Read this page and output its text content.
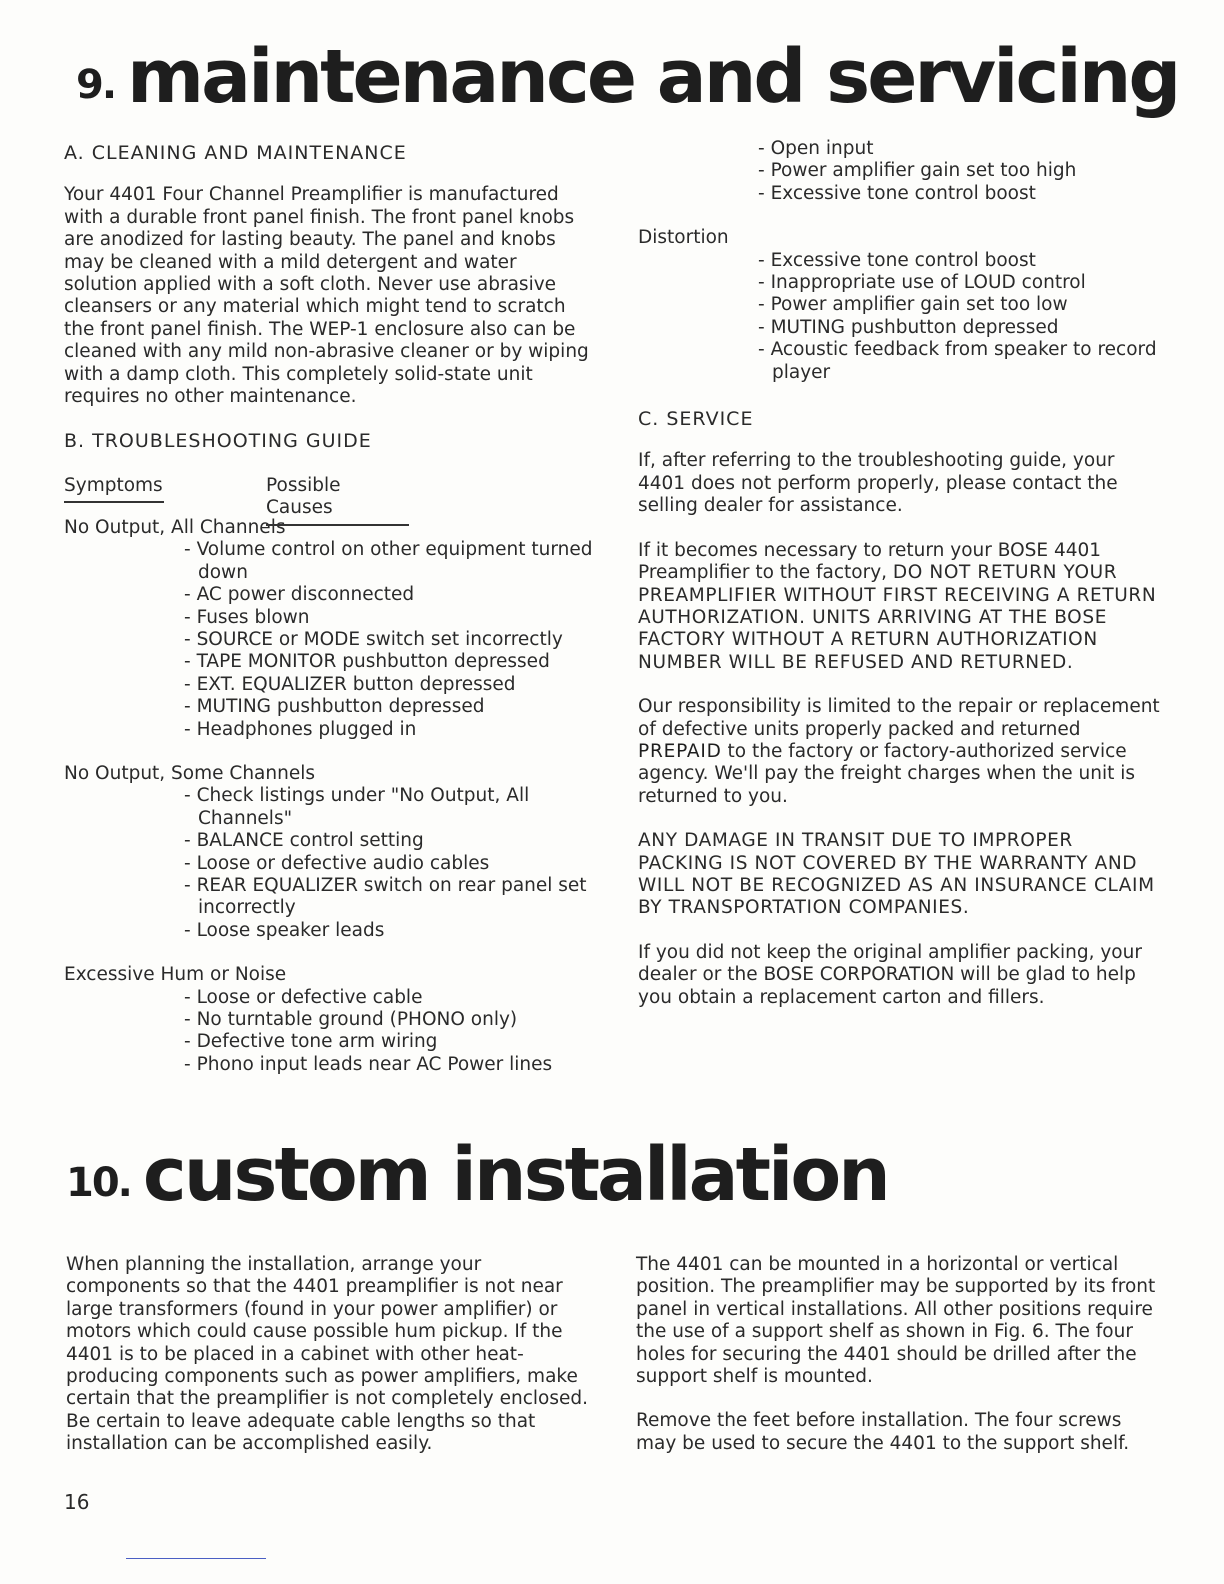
9. maintenance and servicing

A. CLEANING AND MAINTENANCE

Your 4401 Four Channel Preamplifier is manufactured with a durable front panel finish. The front panel knobs are anodized for lasting beauty. The panel and knobs may be cleaned with a mild detergent and water solution applied with a soft cloth. Never use abrasive cleansers or any material which might tend to scratch the front panel finish. The WEP-1 enclosure also can be cleaned with any mild non-abrasive cleaner or by wiping with a damp cloth. This completely solid-state unit requires no other maintenance.

B. TROUBLESHOOTING GUIDE

Symptoms	Possible Causes

No Output, All Channels

- Volume control on other equipment turned down
- AC power disconnected
- Fuses blown
- SOURCE or MODE switch set incorrectly
- TAPE MONITOR pushbutton depressed
- EXT. EQUALIZER button depressed
- MUTING pushbutton depressed
- Headphones plugged in

No Output, Some Channels

- Check listings under "No Output, All Channels"
- BALANCE control setting
- Loose or defective audio cables
- REAR EQUALIZER switch on rear panel set incorrectly
- Loose speaker leads

Excessive Hum or Noise

- Loose or defective cable
- No turntable ground (PHONO only)
- Defective tone arm wiring
- Phono input leads near AC Power lines
- Open input
- Power amplifier gain set too high
- Excessive tone control boost

Distortion

- Excessive tone control boost
- Inappropriate use of LOUD control
- Power amplifier gain set too low
- MUTING pushbutton depressed
- Acoustic feedback from speaker to record player

C. SERVICE

If, after referring to the troubleshooting guide, your 4401 does not perform properly, please contact the selling dealer for assistance.

If it becomes necessary to return your BOSE 4401 Preamplifier to the factory, DO NOT RETURN YOUR PREAMPLIFIER WITHOUT FIRST RECEIVING A RETURN AUTHORIZATION. UNITS ARRIVING AT THE BOSE FACTORY WITHOUT A RETURN AUTHORIZATION NUMBER WILL BE REFUSED AND RETURNED.

Our responsibility is limited to the repair or replacement of defective units properly packed and returned PREPAID to the factory or factory-authorized service agency. We'll pay the freight charges when the unit is returned to you.

ANY DAMAGE IN TRANSIT DUE TO IMPROPER PACKING IS NOT COVERED BY THE WARRANTY AND WILL NOT BE RECOGNIZED AS AN INSURANCE CLAIM BY TRANSPORTATION COMPANIES.

If you did not keep the original amplifier packing, your dealer or the BOSE CORPORATION will be glad to help you obtain a replacement carton and fillers.

10. custom installation

When planning the installation, arrange your components so that the 4401 preamplifier is not near large transformers (found in your power amplifier) or motors which could cause possible hum pickup. If the 4401 is to be placed in a cabinet with other heat-producing components such as power amplifiers, make certain that the preamplifier is not completely enclosed. Be certain to leave adequate cable lengths so that installation can be accomplished easily.

The 4401 can be mounted in a horizontal or vertical position. The preamplifier may be supported by its front panel in vertical installations. All other positions require the use of a support shelf as shown in Fig. 6. The four holes for securing the 4401 should be drilled after the support shelf is mounted.

Remove the feet before installation. The four screws may be used to secure the 4401 to the support shelf.

16
